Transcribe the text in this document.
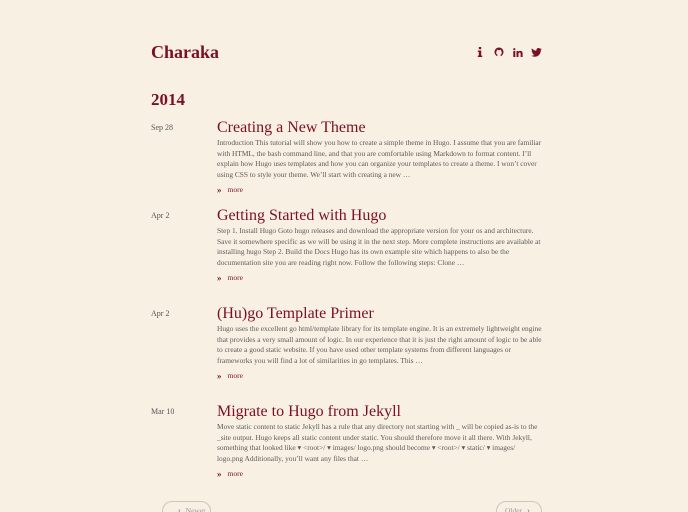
Charaka
2014
Sep 28	Creating a New Theme

Introduction This tutorial will show you how to create a simple theme in Hugo. I assume that you are familiar with HTML, the bash command line, and that you are comfortable using Markdown to format content. I’ll explain how Hugo uses templates and how you can organize your templates to create a theme. I won’t cover using CSS to style your theme. We’ll start with creating a new …

» more
Apr 2	Getting Started with Hugo

Step 1. Install Hugo Goto hugo releases and download the appropriate version for your os and architecture. Save it somewhere specific as we will be using it in the next step. More complete instructions are available at installing hugo Step 2. Build the Docs Hugo has its own example site which happens to also be the documentation site you are reading right now. Follow the following steps: Clone …

» more
Apr 2	(Hu)go Template Primer

Hugo uses the excellent go html/template library for its template engine. It is an extremely lightweight engine that provides a very small amount of logic. In our experience that it is just the right amount of logic to be able to create a good static website. If you have used other template systems from different languages or frameworks you will find a lot of similarities in go templates. This …

» more
Mar 10	Migrate to Hugo from Jekyll

Move static content to static Jekyll has a rule that any directory not starting with _ will be copied as-is to the _site output. Hugo keeps all static content under static. You should therefore move it all there. With Jekyll, something that looked like ▾ <root>/ ▾ images/ logo.png should become ▾ <root>/ ▾ static/ ▾ images/ logo.png Additionally, you’ll want any files that …

» more
‹ Newer	Older ›
